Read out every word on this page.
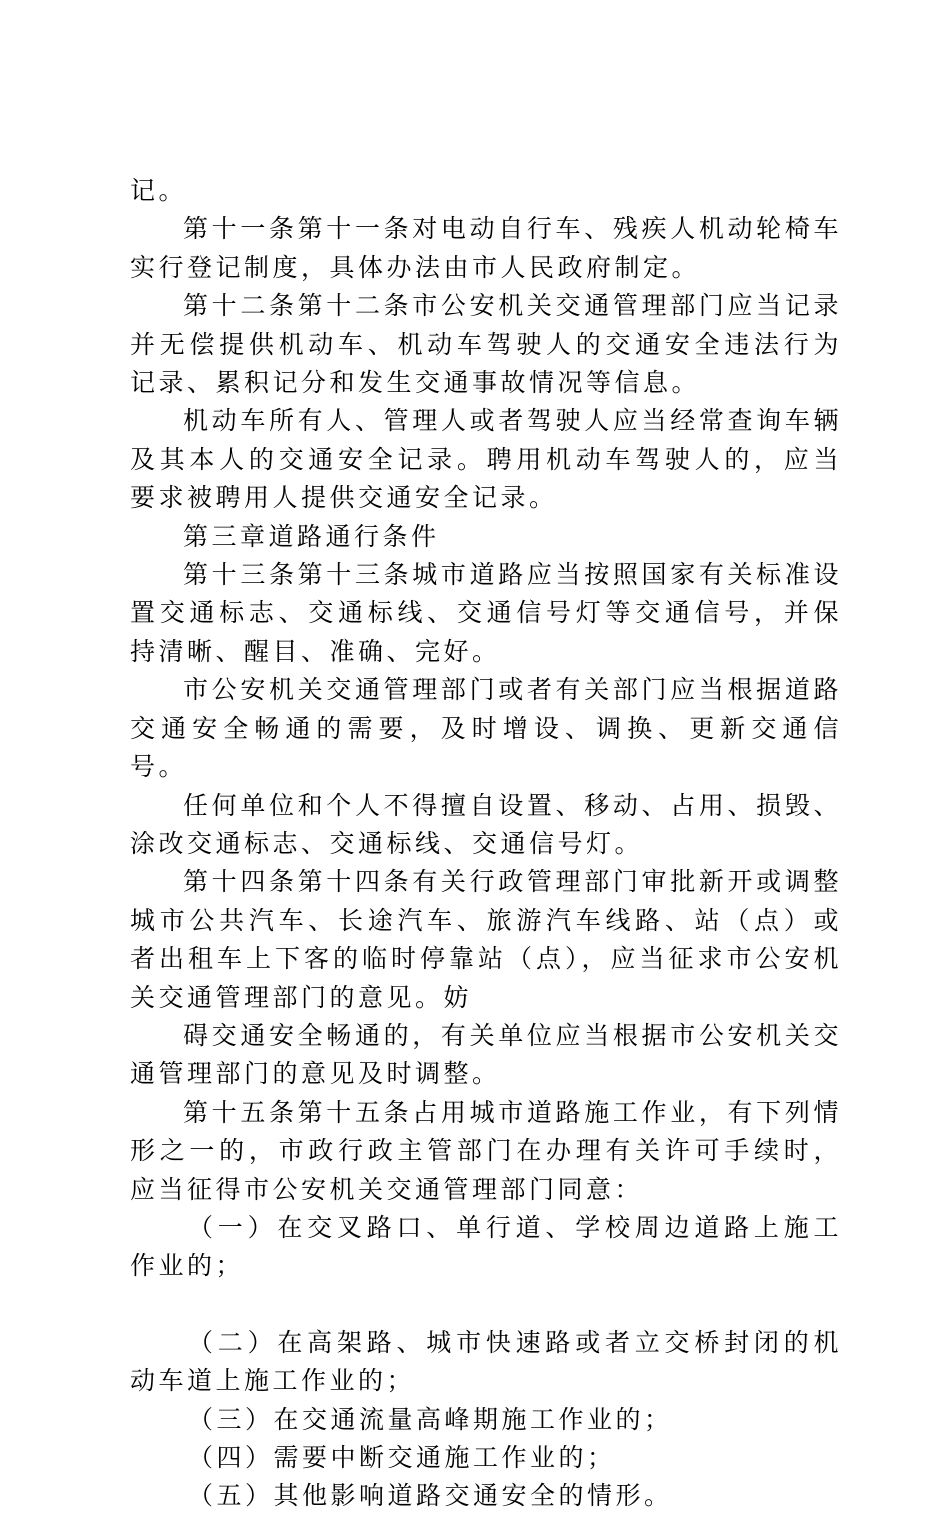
记。

第十一条第十一条对电动自行车、残疾人机动轮椅车实行登记制度，具体办法由市人民政府制定。

第十二条第十二条市公安机关交通管理部门应当记录并无偿提供机动车、机动车驾驶人的交通安全违法行为记录、累积记分和发生交通事故情况等信息。

机动车所有人、管理人或者驾驶人应当经常查询车辆及其本人的交通安全记录。聘用机动车驾驶人的，应当要求被聘用人提供交通安全记录。

第三章道路通行条件

第十三条第十三条城市道路应当按照国家有关标准设置交通标志、交通标线、交通信号灯等交通信号，并保持清晰、醒目、准确、完好。

市公安机关交通管理部门或者有关部门应当根据道路交通安全畅通的需要，及时增设、调换、更新交通信号。

任何单位和个人不得擅自设置、移动、占用、损毁、涂改交通标志、交通标线、交通信号灯。

第十四条第十四条有关行政管理部门审批新开或调整城市公共汽车、长途汽车、旅游汽车线路、站（点）或者出租车上下客的临时停靠站（点），应当征求市公安机关交通管理部门的意见。妨

碍交通安全畅通的，有关单位应当根据市公安机关交通管理部门的意见及时调整。

第十五条第十五条占用城市道路施工作业，有下列情形之一的，市政行政主管部门在办理有关许可手续时，应当征得市公安机关交通管理部门同意：

（一）在交叉路口、单行道、学校周边道路上施工作业的；

（二）在高架路、城市快速路或者立交桥封闭的机动车道上施工作业的；

（三）在交通流量高峰期施工作业的；

（四）需要中断交通施工作业的；

（五）其他影响道路交通安全的情形。
